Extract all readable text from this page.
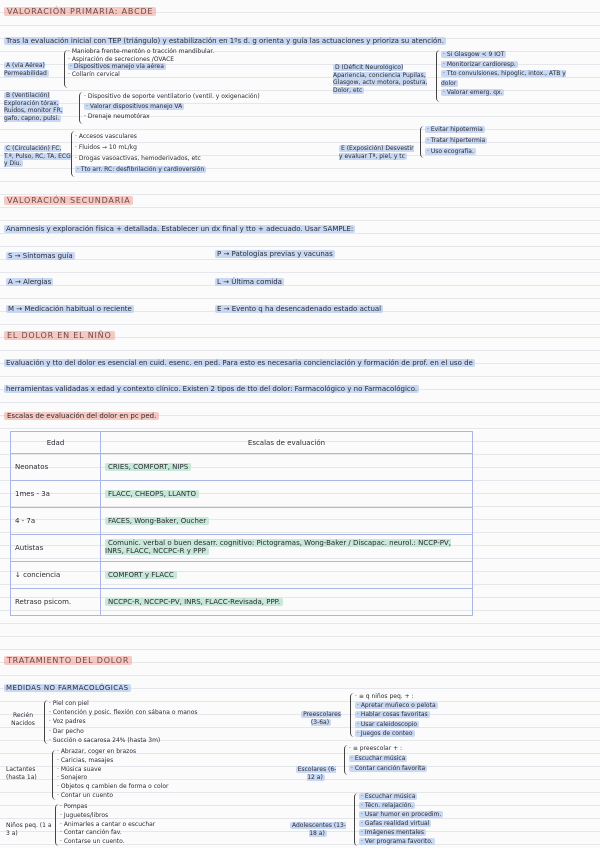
VALORACIÓN PRIMARIA: ABCDE
Tras la evaluación inicial con TEP (triángulo) y estabilización en 1ºs d. g orienta y guía las actuaciones y prioriza su atención.
A (vía Aérea) Permeabilidad
· Maniobra frente-mentón o tracción mandibular.
· Aspiración de secreciones /OVACE
· Dispositivos manejo vía aérea
· Collarín cervical
B (Ventilación) Exploración tórax, Ruidos, monitor FR, gafo, capno, pulsi.
· Dispositivo de soporte ventilatorio (ventil. y oxigenación)
· Valorar dispositivos manejo VA
· Drenaje neumotórax
C (Circulación) FC, T.ª, Pulso, RC, TA, ECG y Diu.
· Accesos vasculares
· Fluidos → 10 mL/kg
· Drogas vasoactivas, hemoderivados, etc
· Tto arr. RC: desfibrilación y cardioversión
D (Déficit Neurológico) Apariencia, conciencia Pupilas, Glasgow, actv motora, postura, Dolor, etc
· Si Glasgow < 9 IOT
· Monitorizar cardioresp.
· Tto convulsiones, hipoglic, intox., ATB y dolor
· Valorar emerg. qx.
E (Exposición) Desvestir y evaluar Tª, piel, y tc
· Evitar hipotermia
· Tratar hipertermia
· Uso ecografía.
VALORACIÓN SECUNDARIA
Anamnesis y exploración física + detallada. Establecer un dx final y tto + adecuado. Usar SAMPLE:
S → Síntomas guía	P → Patologías previas y vacunas
A → Alergias	L → Última comida
M → Medicación habitual o reciente	E → Evento q ha desencadenado estado actual
EL DOLOR EN EL NIÑO
Evaluación y tto del dolor es esencial en cuid. esenc. en ped. Para esto es necesaria concienciación y formación de prof. en el uso de
herramientas validadas x edad y contexto clínico. Existen 2 tipos de tto del dolor: Farmacológico y no Farmacológico.
Escalas de evaluación del dolor en pc ped.
Edad	Escalas de evaluación
Neonatos	CRIES, COMFORT, NIPS
1mes - 3a	FLACC, CHEOPS, LLANTO
4 - 7a	FACES, Wong-Baker, Oucher
Autistas	Comunic. verbal o buen desarr. cognitivo: Pictogramas, Wong-Baker / Discapac. neurol.: NCCP-PV, INRS, FLACC, NCCPC-R y PPP
↓ conciencia	COMFORT y FLACC
Retraso psicom.	NCCPC-R, NCCPC-PV, INRS, FLACC-Revisada, PPP.
TRATAMIENTO DEL DOLOR
MEDIDAS NO FARMACOLÓGICAS
Recién Nacidos
· Piel con piel
· Contención y posic. flexión con sábana o manos
· Voz padres
· Dar pecho
· Succión o sacarosa 24% (hasta 3m)
Lactantes (hasta 1a)
· Abrazar, coger en brazos
· Caricias, masajes
· Música suave
· Sonajero
· Objetos q cambien de forma o color
· Contar un cuento
Niños peq. (1 a 3 a)
· Pompas
· Juguetes/libros
· Animarles a cantar o escuchar
· Contar canción fav.
· Contarse un cuento.
Preescolares (3-6a)
· ≡ q niños peq. + :
· Apretar muñeco o pelota
· Hablar cosas favoritas
· Usar caleidoscopio
· Juegos de conteo
Escolares (6-12 a)
· ≡ preescolar + :
· Escuchar música
· Contar canción favorita
Adolescentes (13-18 a)
· Escuchar música
· Técn. relajación.
· Usar humor en procedim.
· Gafas realidad virtual
· Imágenes mentales
· Ver programa favorito.
